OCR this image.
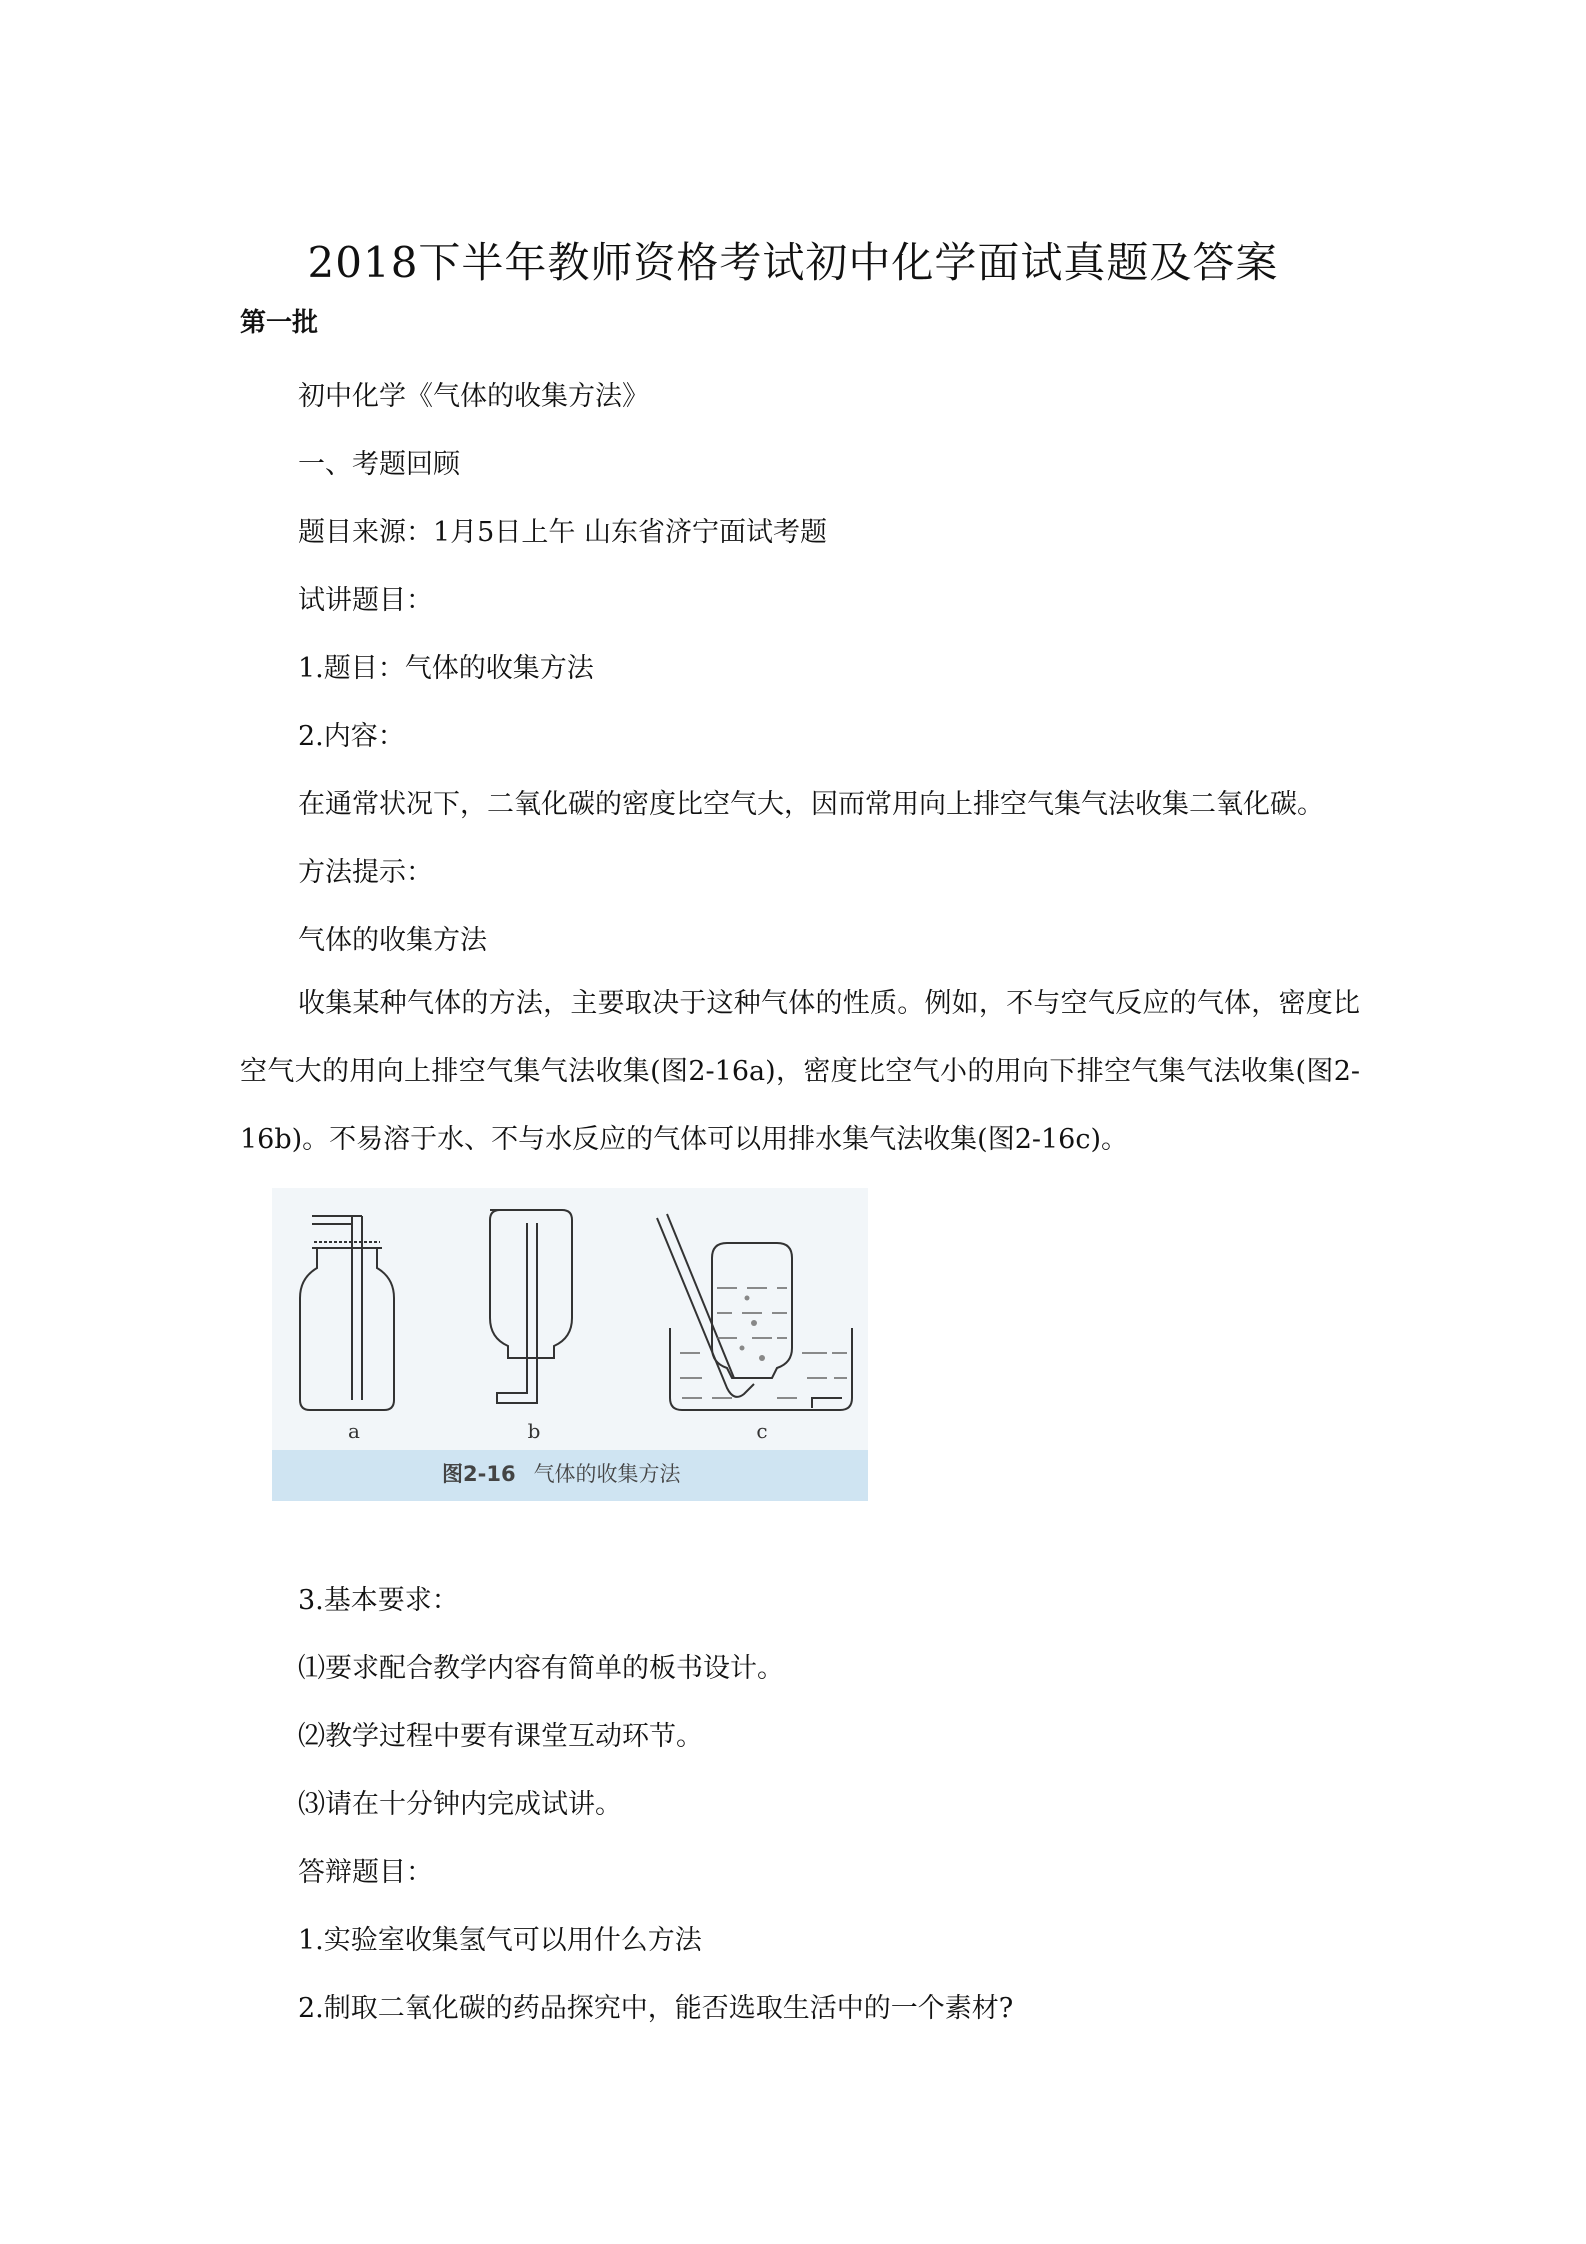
2018下半年教师资格考试初中化学面试真题及答案
第一批
初中化学《气体的收集方法》
一、考题回顾
题目来源：1月5日上午 山东省济宁面试考题
试讲题目：
1.题目：气体的收集方法
2.内容：
在通常状况下，二氧化碳的密度比空气大，因而常用向上排空气集气法收集二氧化碳。
方法提示：
气体的收集方法
收集某种气体的方法，主要取决于这种气体的性质。例如，不与空气反应的气体，密度比空气大的用向上排空气集气法收集(图2-16a)，密度比空气小的用向下排空气集气法收集(图2-16b)。不易溶于水、不与水反应的气体可以用排水集气法收集(图2-16c)。
a	b	c
图2-16 气体的收集方法
3.基本要求：
⑴要求配合教学内容有简单的板书设计。
⑵教学过程中要有课堂互动环节。
⑶请在十分钟内完成试讲。
答辩题目：
1.实验室收集氢气可以用什么方法
2.制取二氧化碳的药品探究中，能否选取生活中的一个素材?
